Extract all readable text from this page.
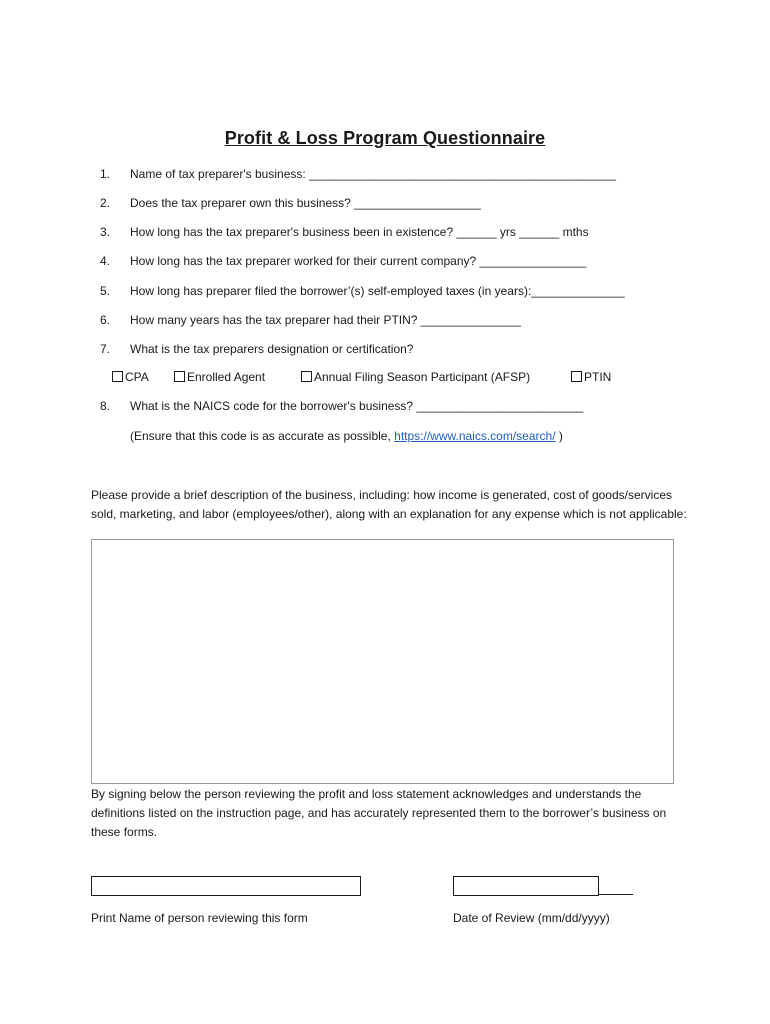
Profit & Loss Program Questionnaire
1. Name of tax preparer's business: ______________________________________________
2. Does the tax preparer own this business? ___________________
3. How long has the tax preparer's business been in existence? ______ yrs ______ mths
4. How long has the tax preparer worked for their current company? ________________
5. How long has preparer filed the borrower’(s) self-employed taxes (in years):______________
6. How many years has the tax preparer had their PTIN? _______________
7. What is the tax preparers designation or certification?
CPA	Enrolled Agent	Annual Filing Season Participant (AFSP)	PTIN
8. What is the NAICS code for the borrower's business? _________________________
(Ensure that this code is as accurate as possible, https://www.naics.com/search/ )
Please provide a brief description of the business, including: how income is generated, cost of goods/services sold, marketing, and labor (employees/other), along with an explanation for any expense which is not applicable:
By signing below the person reviewing the profit and loss statement acknowledges and understands the definitions listed on the instruction page, and has accurately represented them to the borrower’s business on these forms.
Print Name of person reviewing this form	Date of Review (mm/dd/yyyy)
